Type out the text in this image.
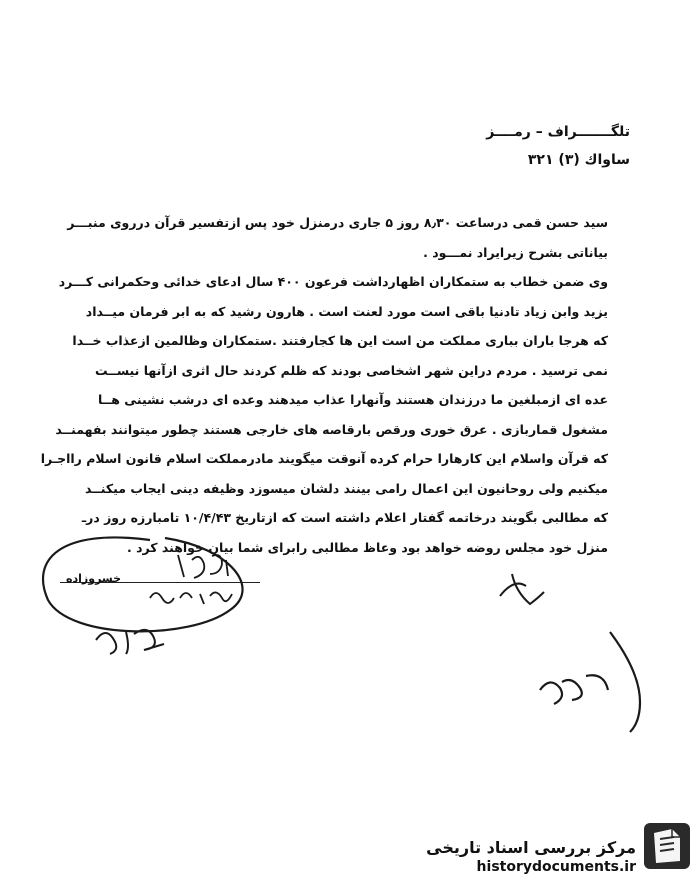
تلگـــــــراف – رمــــز
ساواك (٣) ٣٢١
سید حسن قمی درساعت ۸٫۳۰ روز ۵ جاری درمنزل خود پس ازتفسیر قرآن درروی منبـــر
بياناتی بشرح زيرايراد نمـــود .
وی ضمن خطاب به ستمكاران اظهارداشت فرعون ۴۰۰ سال ادعای خدائی وحكمرانی كـــرد
يزيد وابن زياد تادنيا باقی است مورد لعنت است . هارون رشيد كه به ابر فرمان ميــداد
كه هرجا باران بباری مملكت من است اين ها كجارفتند .ستمكاران وظالمين ازعذاب خــدا
نمی ترسيد . مردم دراين شهر اشخاصی بودند كه ظلم كردند حال اثری ازآنها نيســت
عده ای ازمبلغين ما درزندان هستند وآنهارا عذاب ميدهند وعده ای درشب نشينی هــا
مشغول قماربازی . عرق خوری ورقص بارقاصه های خارجی هستند چطور ميتوانند بفهمنــد
كه قرآن واسلام اين كارهارا حرام كرده آنوقت ميگويند مادرمملكت اسلام قانون اسلام رااجـرا
ميكنيم ولی روحانيون اين اعمال رامی بينند دلشان ميسوزد وظيفه دينی ايجاب ميكنــد
كه مطالبی بگويند درخاتمه گفتار اعلام داشته است كه ازتاريخ ۱۰/۴/۴۳ تامبارزه روز درـ
منزل خود مجلس روضه خواهد بود وعاظ مطالبی رابرای شما بيان خواهند كرد .
خسروزاده
مرکز بررسی اسناد تاریخی
historydocuments.ir
